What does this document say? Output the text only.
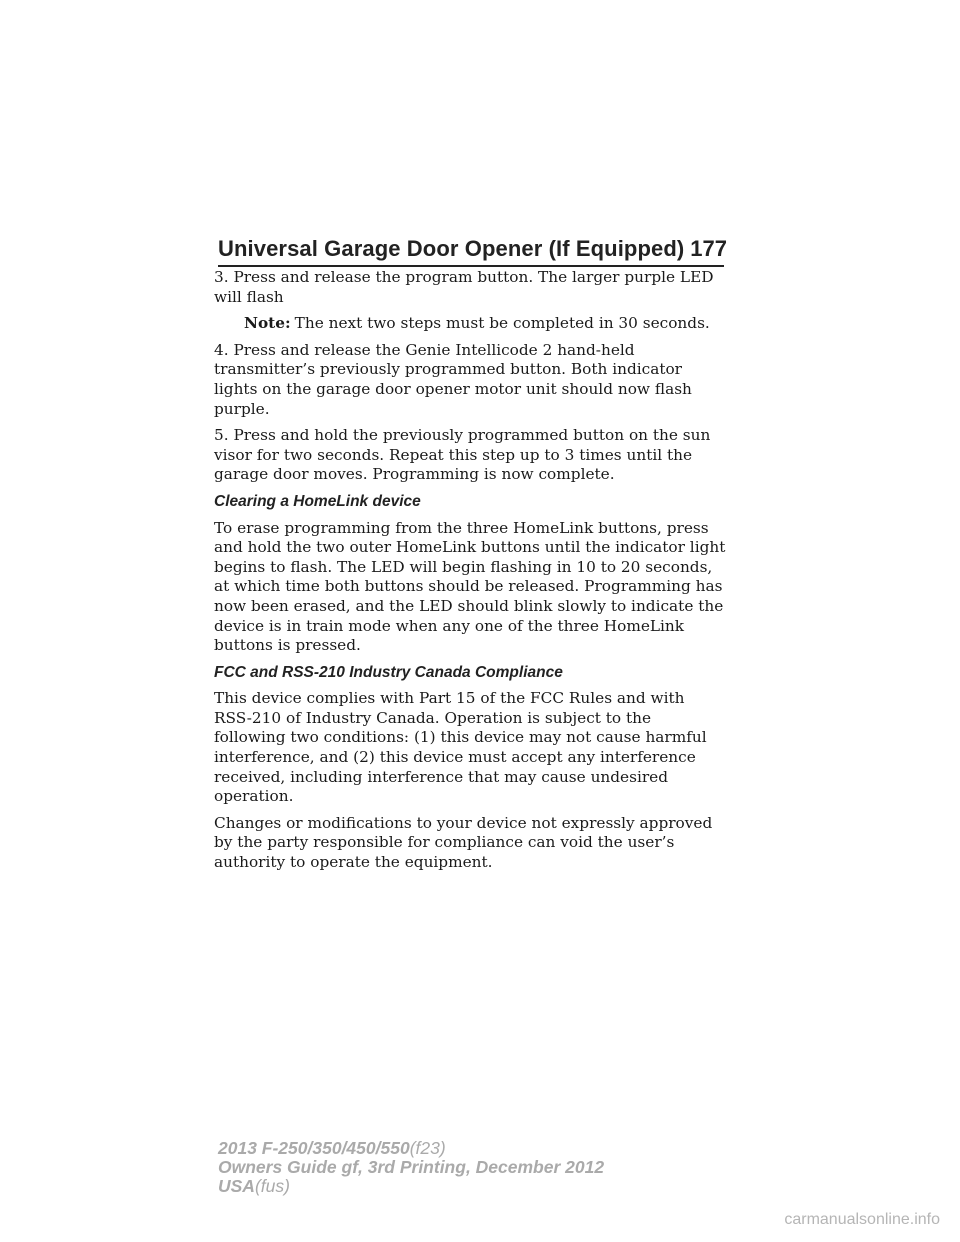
Universal Garage Door Opener (If Equipped) 177

3. Press and release the program button. The larger purple LED will flash

Note: The next two steps must be completed in 30 seconds.

4. Press and release the Genie Intellicode 2 hand-held transmitter’s previously programmed button. Both indicator lights on the garage door opener motor unit should now flash purple.

5. Press and hold the previously programmed button on the sun visor for two seconds. Repeat this step up to 3 times until the garage door moves. Programming is now complete.

Clearing a HomeLink device

To erase programming from the three HomeLink buttons, press and hold the two outer HomeLink buttons until the indicator light begins to flash. The LED will begin flashing in 10 to 20 seconds, at which time both buttons should be released. Programming has now been erased, and the LED should blink slowly to indicate the device is in train mode when any one of the three HomeLink buttons is pressed.

FCC and RSS-210 Industry Canada Compliance

This device complies with Part 15 of the FCC Rules and with RSS-210 of Industry Canada. Operation is subject to the following two conditions: (1) this device may not cause harmful interference, and (2) this device must accept any interference received, including interference that may cause undesired operation.

Changes or modifications to your device not expressly approved by the party responsible for compliance can void the user’s authority to operate the equipment.

2013 F-250/350/450/550(f23)
Owners Guide gf, 3rd Printing, December 2012
USA(fus)
carmanualsonline.info
